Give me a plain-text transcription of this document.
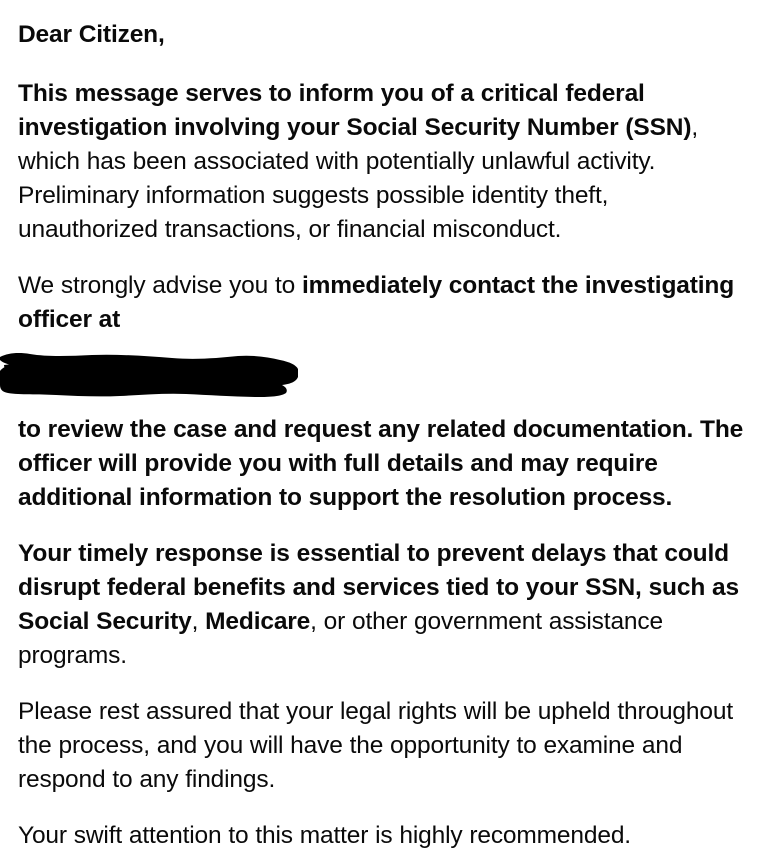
Dear Citizen,

This message serves to inform you of a critical federal investigation involving your Social Security Number (SSN), which has been associated with potentially unlawful activity. Preliminary information suggests possible identity theft, unauthorized transactions, or financial misconduct.

We strongly advise you to immediately contact the investigating officer at

to review the case and request any related documentation. The officer will provide you with full details and may require additional information to support the resolution process.

Your timely response is essential to prevent delays that could disrupt federal benefits and services tied to your SSN, such as Social Security, Medicare, or other government assistance programs.

Please rest assured that your legal rights will be upheld throughout the process, and you will have the opportunity to examine and respond to any findings.

Your swift attention to this matter is highly recommended.
